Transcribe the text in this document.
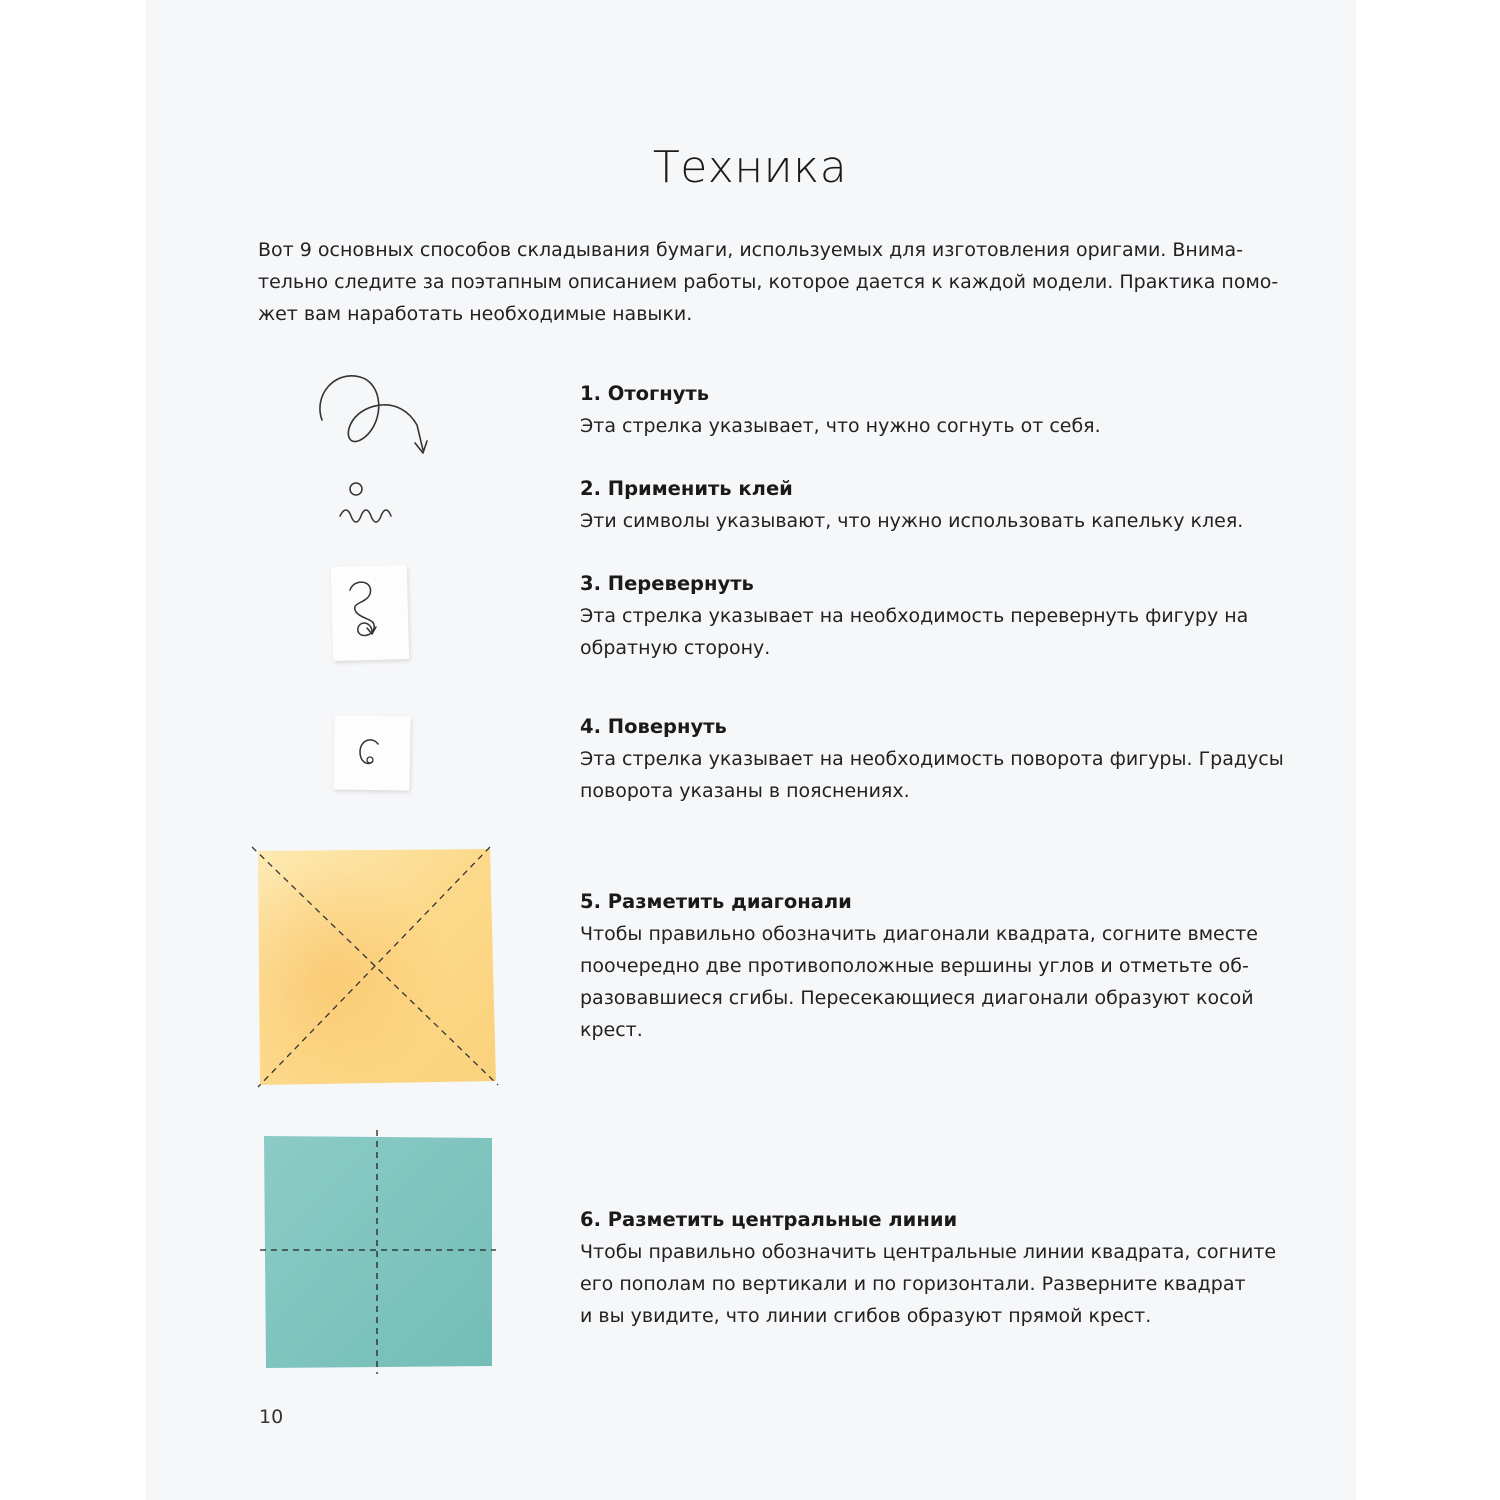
Техника
Вот 9 основных способов складывания бумаги, используемых для изготовления оригами. Внима-
тельно следите за поэтапным описанием работы, которое дается к каждой модели. Практика помо-
жет вам наработать необходимые навыки.
1. Отогнуть
Эта стрелка указывает, что нужно согнуть от себя.
2. Применить клей
Эти символы указывают, что нужно использовать капельку клея.
3. Перевернуть
Эта стрелка указывает на необходимость перевернуть фигуру на
обратную сторону.
4. Повернуть
Эта стрелка указывает на необходимость поворота фигуры. Градусы
поворота указаны в пояснениях.
5. Разметить диагонали
Чтобы правильно обозначить диагонали квадрата, согните вместе
поочередно две противоположные вершины углов и отметьте об-
разовавшиеся сгибы. Пересекающиеся диагонали образуют косой
крест.
6. Разметить центральные линии
Чтобы правильно обозначить центральные линии квадрата, согните
его пополам по вертикали и по горизонтали. Разверните квадрат
и вы увидите, что линии сгибов образуют прямой крест.
10
